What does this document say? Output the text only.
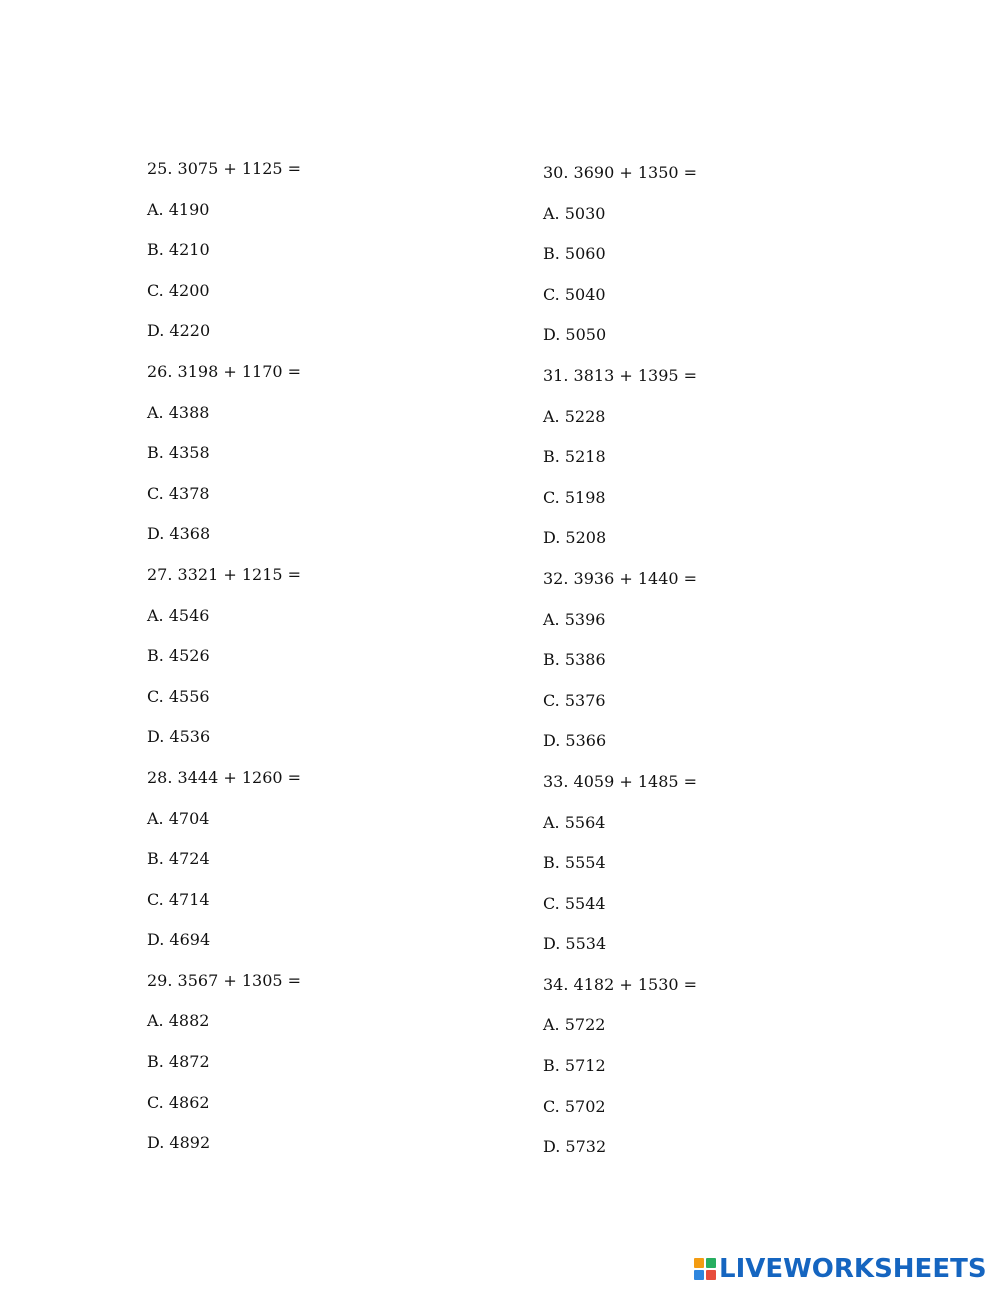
25. 3075 + 1125 =
A. 4190
B. 4210
C. 4200
D. 4220
26. 3198 + 1170 =
A. 4388
B. 4358
C. 4378
D. 4368
27. 3321 + 1215 =
A. 4546
B. 4526
C. 4556
D. 4536
28. 3444 + 1260 =
A. 4704
B. 4724
C. 4714
D. 4694
29. 3567 + 1305 =
A. 4882
B. 4872
C. 4862
D. 4892
30. 3690 + 1350 =
A. 5030
B. 5060
C. 5040
D. 5050
31. 3813 + 1395 =
A. 5228
B. 5218
C. 5198
D. 5208
32. 3936 + 1440 =
A. 5396
B. 5386
C. 5376
D. 5366
33. 4059 + 1485 =
A. 5564
B. 5554
C. 5544
D. 5534
34. 4182 + 1530 =
A. 5722
B. 5712
C. 5702
D. 5732
LIVEWORKSHEETS
